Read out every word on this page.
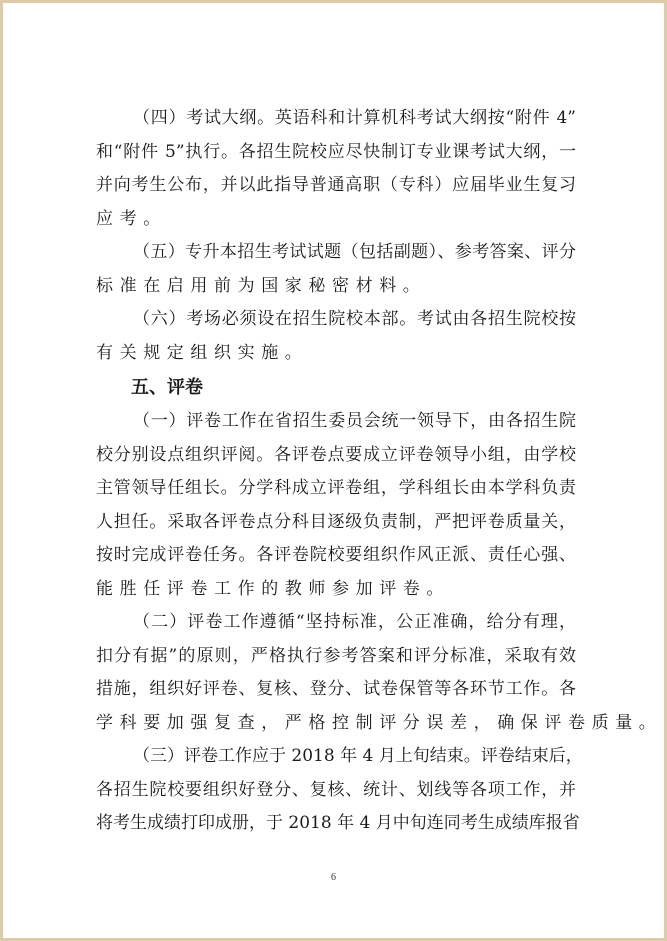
（四）考试大纲。英语科和计算机科考试大纲按“附件 4”
和“附件 5”执行。各招生院校应尽快制订专业课考试大纲，一
并向考生公布，并以此指导普通高职（专科）应届毕业生复习
应考。
（五）专升本招生考试试题（包括副题）、参考答案、评分
标准在启用前为国家秘密材料。
（六）考场必须设在招生院校本部。考试由各招生院校按
有关规定组织实施。
五、评卷
（一）评卷工作在省招生委员会统一领导下，由各招生院
校分别设点组织评阅。各评卷点要成立评卷领导小组，由学校
主管领导任组长。分学科成立评卷组，学科组长由本学科负责
人担任。采取各评卷点分科目逐级负责制，严把评卷质量关，
按时完成评卷任务。各评卷院校要组织作风正派、责任心强、
能胜任评卷工作的教师参加评卷。
（二）评卷工作遵循“坚持标准，公正准确，给分有理，
扣分有据”的原则，严格执行参考答案和评分标准，采取有效
措施，组织好评卷、复核、登分、试卷保管等各环节工作。各
学科要加强复查，严格控制评分误差，确保评卷质量。
（三）评卷工作应于 2018 年 4 月上旬结束。评卷结束后，
各招生院校要组织好登分、复核、统计、划线等各项工作，并
将考生成绩打印成册，于 2018 年 4 月中旬连同考生成绩库报省
6
